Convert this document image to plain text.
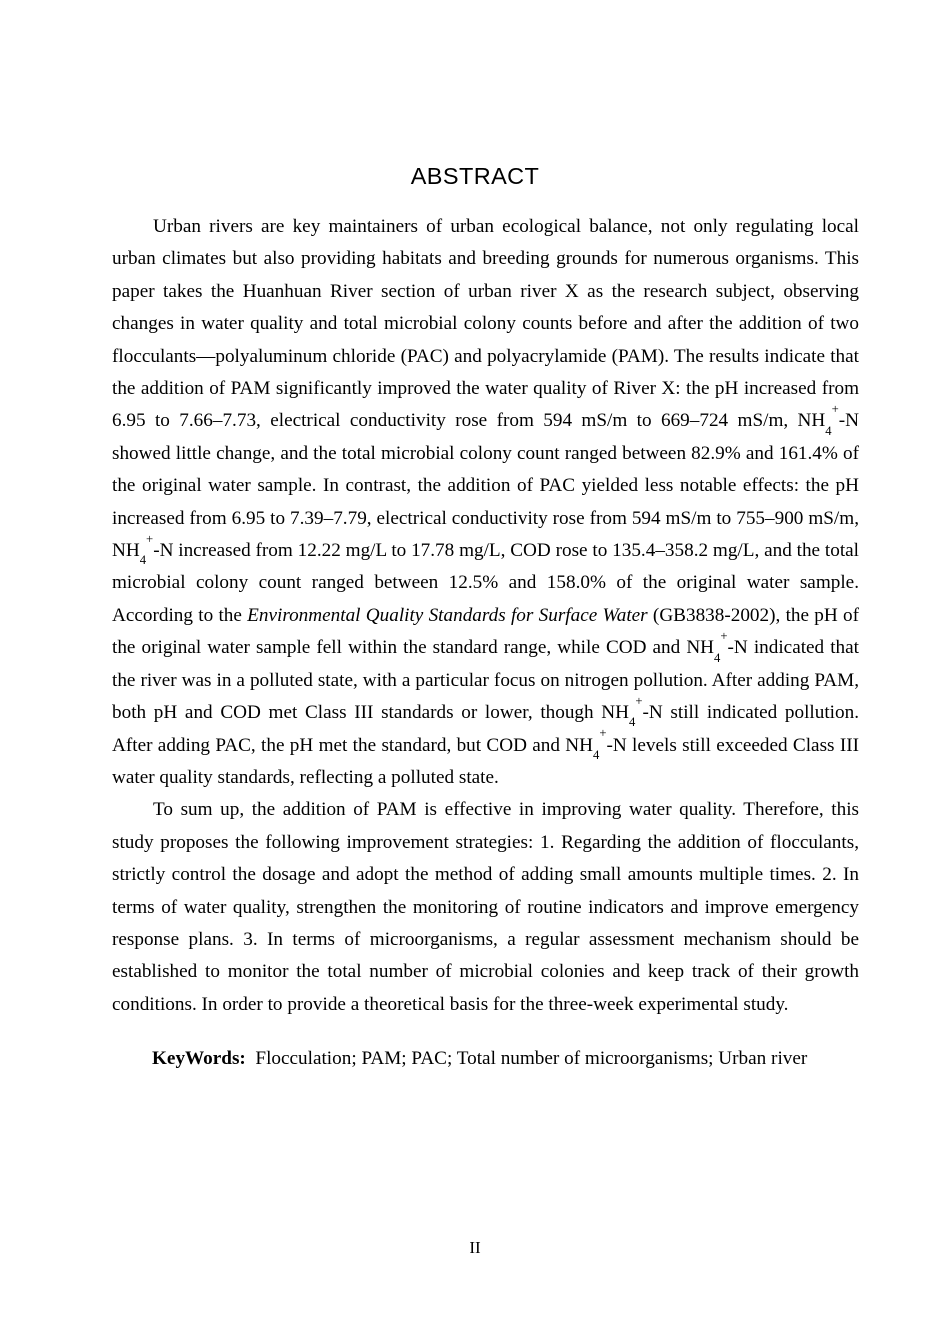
ABSTRACT

Urban rivers are key maintainers of urban ecological balance, not only regulating local urban climates but also providing habitats and breeding grounds for numerous organisms. This paper takes the Huanhuan River section of urban river X as the research subject, observing changes in water quality and total microbial colony counts before and after the addition of two flocculants—polyaluminum chloride (PAC) and polyacrylamide (PAM). The results indicate that the addition of PAM significantly improved the water quality of River X: the pH increased from 6.95 to 7.66–7.73, electrical conductivity rose from 594 mS/m to 669–724 mS/m, $NH_4^+-N$ showed little change, and the total microbial colony count ranged between 82.9% and 161.4% of the original water sample. In contrast, the addition of PAC yielded less notable effects: the pH increased from 6.95 to 7.39–7.79, electrical conductivity rose from 594 mS/m to 755–900 mS/m, $NH_4^+-N$ increased from 12.22 mg/L to 17.78 mg/L, COD rose to 135.4–358.2 mg/L, and the total microbial colony count ranged between 12.5% and 158.0% of the original water sample. According to the Environmental Quality Standards for Surface Water (GB3838-2002), the pH of the original water sample fell within the standard range, while COD and $NH_4^+-N$ indicated that the river was in a polluted state, with a particular focus on nitrogen pollution. After adding PAM, both pH and COD met Class III standards or lower, though $NH_4^+-N$ still indicated pollution. After adding PAC, the pH met the standard, but COD and $NH_4^+-N$ levels still exceeded Class III water quality standards, reflecting a polluted state.

To sum up, the addition of PAM is effective in improving water quality. Therefore, this study proposes the following improvement strategies: 1. Regarding the addition of flocculants, strictly control the dosage and adopt the method of adding small amounts multiple times. 2. In terms of water quality, strengthen the monitoring of routine indicators and improve emergency response plans. 3. In terms of microorganisms, a regular assessment mechanism should be established to monitor the total number of microbial colonies and keep track of their growth conditions. In order to provide a theoretical basis for the three-week experimental study.

KeyWords: Flocculation; PAM; PAC; Total number of microorganisms; Urban river
II
